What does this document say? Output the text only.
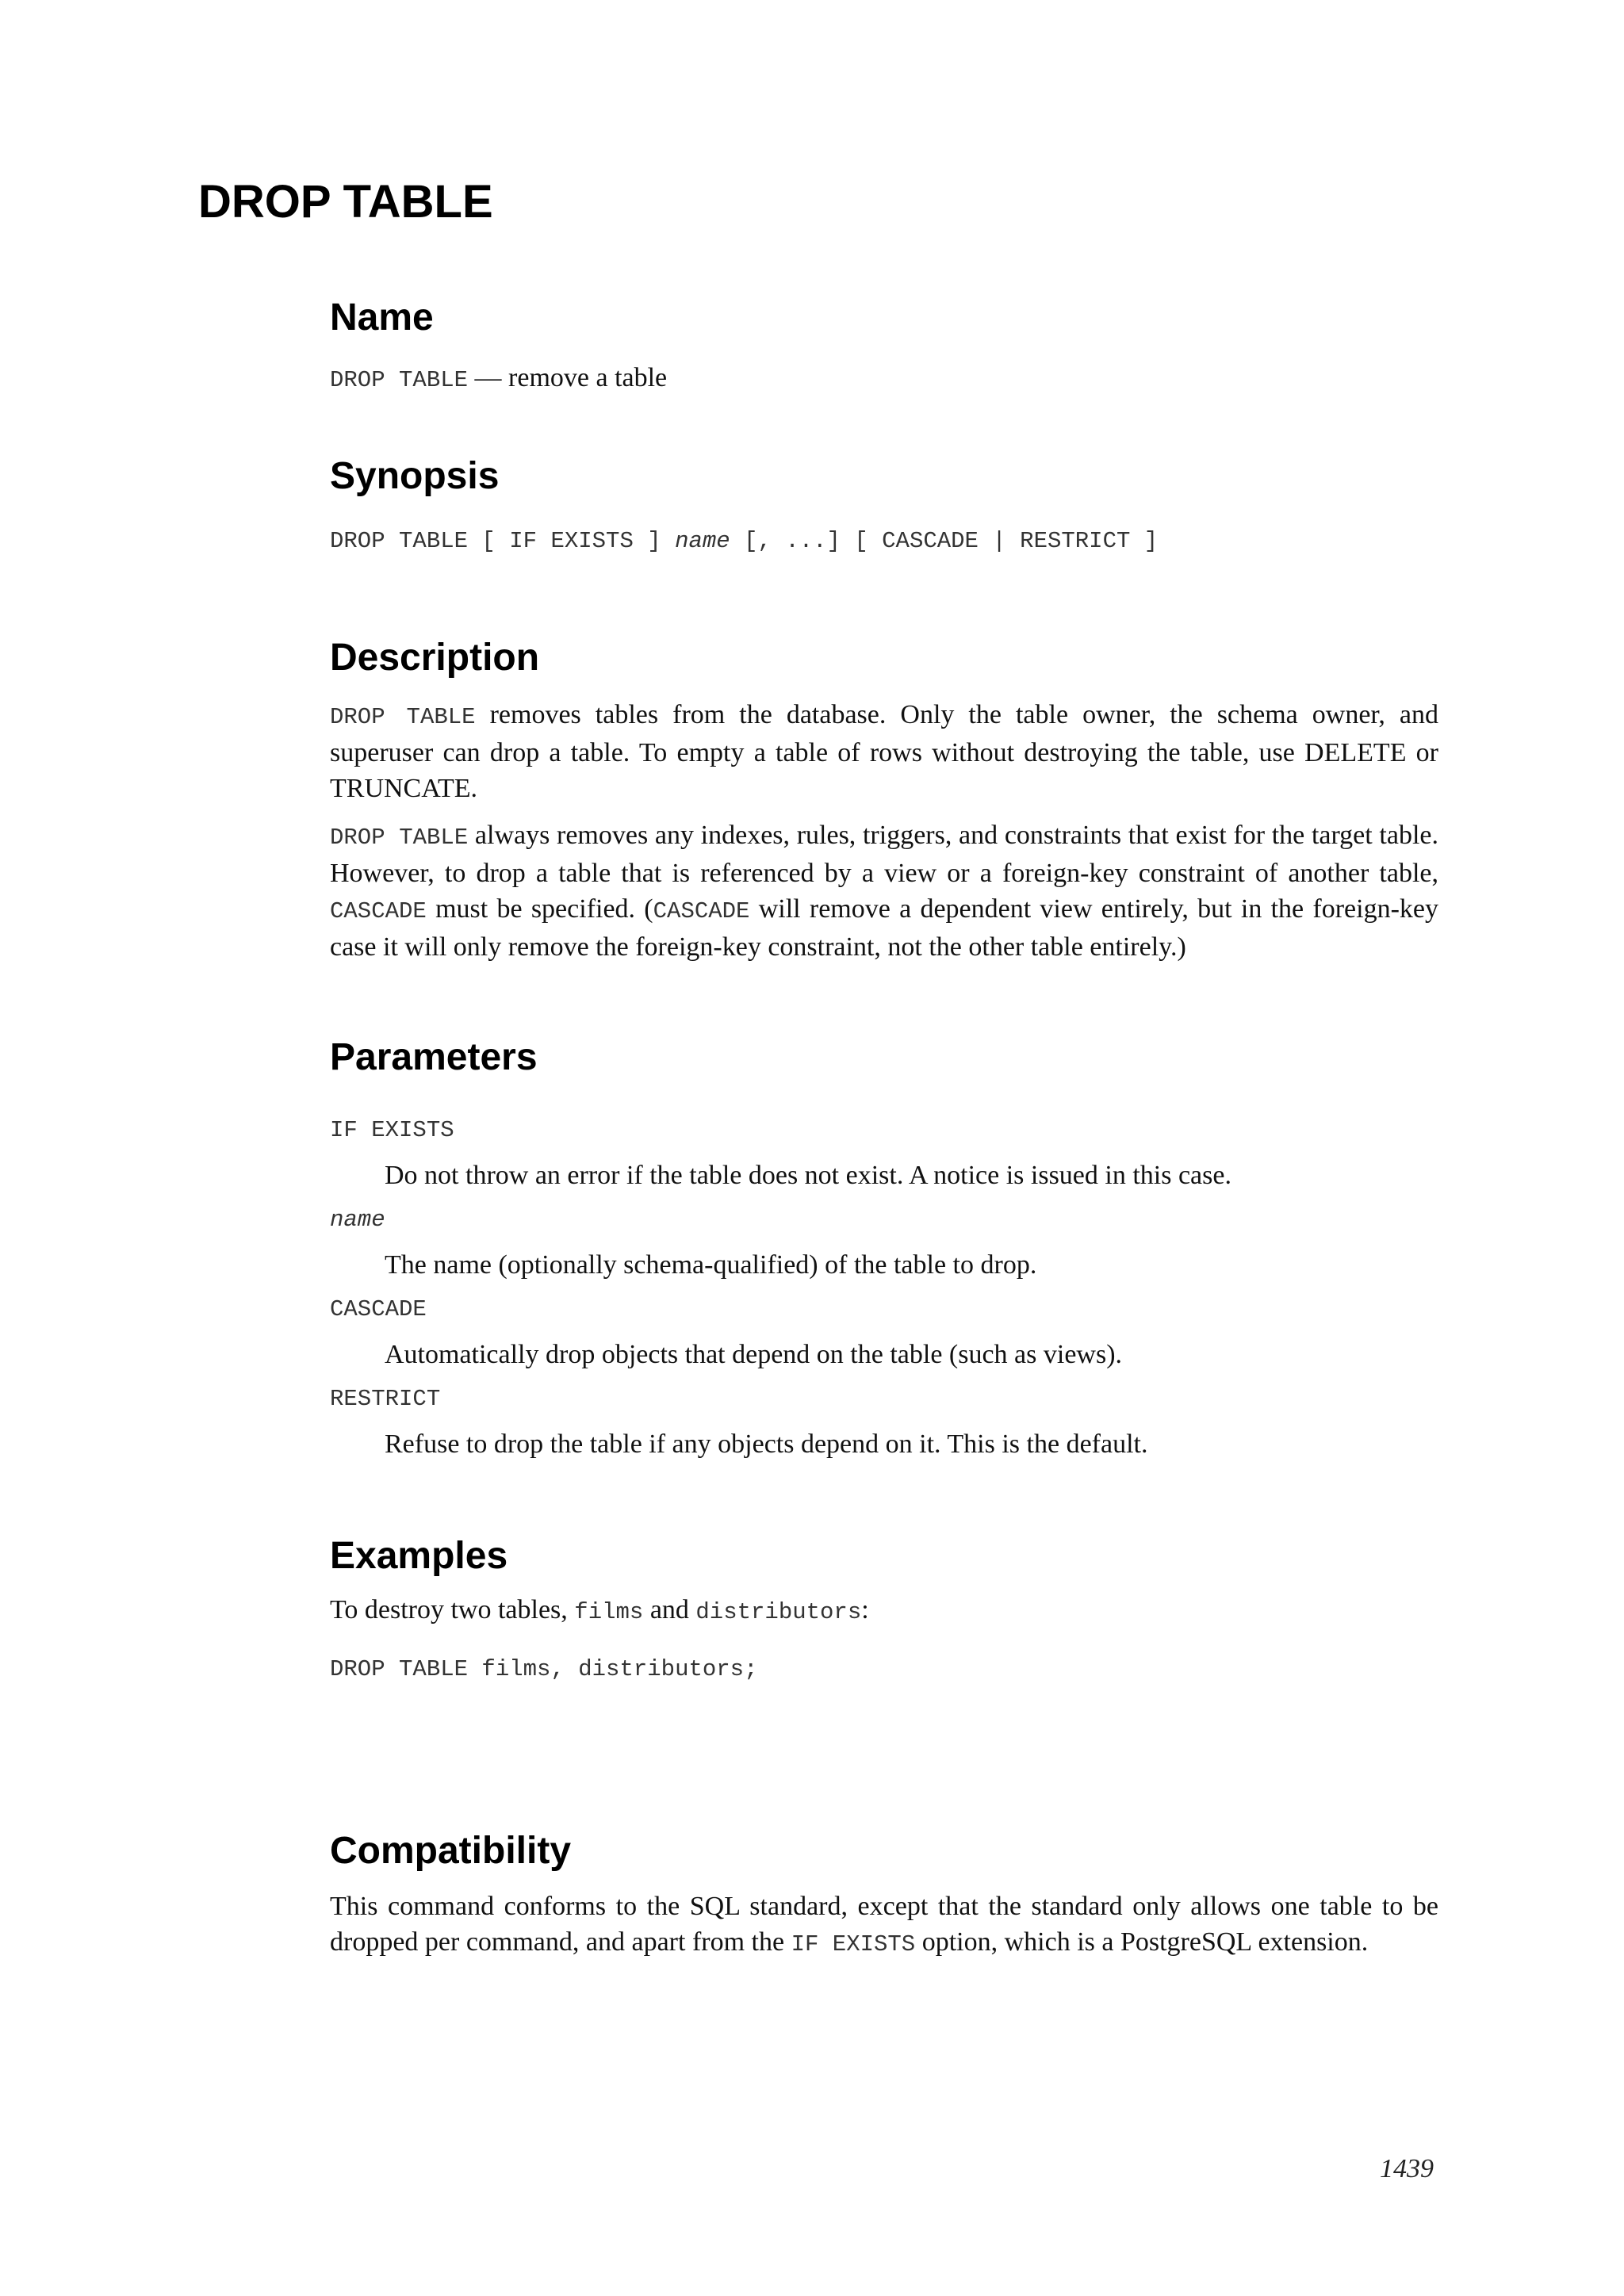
DROP TABLE
Name

DROP TABLE — remove a table

Synopsis
DROP TABLE [ IF EXISTS ] name [, ...] [ CASCADE | RESTRICT ]
Description

DROP TABLE removes tables from the database. Only the table owner, the schema owner, and superuser can drop a table. To empty a table of rows without destroying the table, use DELETE or TRUNCATE.

DROP TABLE always removes any indexes, rules, triggers, and constraints that exist for the target table. However, to drop a table that is referenced by a view or a foreign-key constraint of another table, CASCADE must be specified. (CASCADE will remove a dependent view entirely, but in the foreign-key case it will only remove the foreign-key constraint, not the other table entirely.)

Parameters
IF EXISTS
Do not throw an error if the table does not exist. A notice is issued in this case.
name
The name (optionally schema-qualified) of the table to drop.
CASCADE
Automatically drop objects that depend on the table (such as views).
RESTRICT
Refuse to drop the table if any objects depend on it. This is the default.
Examples

To destroy two tables, films and distributors:

DROP TABLE films, distributors;
Compatibility

This command conforms to the SQL standard, except that the standard only allows one table to be dropped per command, and apart from the IF EXISTS option, which is a PostgreSQL extension.

1439
